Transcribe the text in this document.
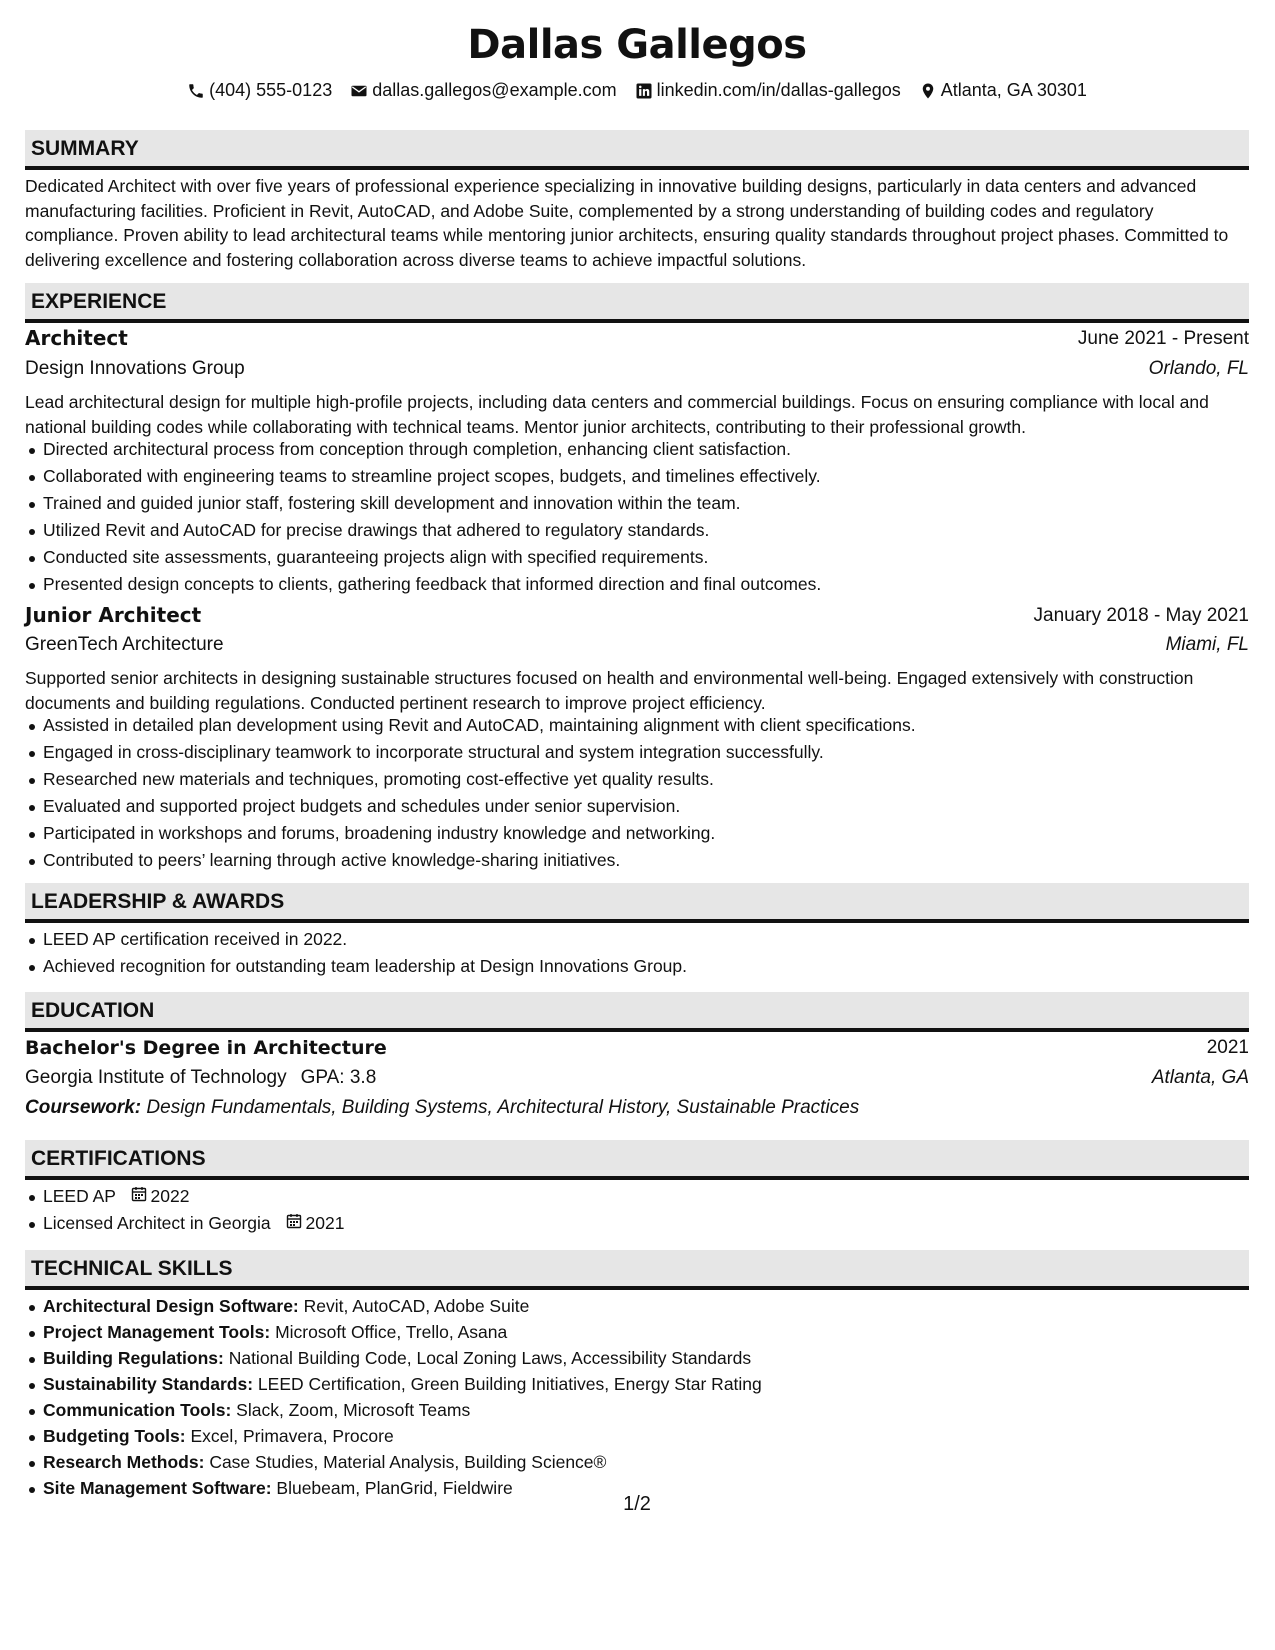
Dallas Gallegos
(404) 555-0123 dallas.gallegos@example.com linkedin.com/in/dallas-gallegos Atlanta, GA 30301
SUMMARY
Dedicated Architect with over five years of professional experience specializing in innovative building designs, particularly in data centers and advanced manufacturing facilities. Proficient in Revit, AutoCAD, and Adobe Suite, complemented by a strong understanding of building codes and regulatory compliance. Proven ability to lead architectural teams while mentoring junior architects, ensuring quality standards throughout project phases. Committed to delivering excellence and fostering collaboration across diverse teams to achieve impactful solutions.
EXPERIENCE
Architect	June 2021 - Present
Design Innovations Group	Orlando, FL
Lead architectural design for multiple high-profile projects, including data centers and commercial buildings. Focus on ensuring compliance with local and national building codes while collaborating with technical teams. Mentor junior architects, contributing to their professional growth.
Directed architectural process from conception through completion, enhancing client satisfaction.
Collaborated with engineering teams to streamline project scopes, budgets, and timelines effectively.
Trained and guided junior staff, fostering skill development and innovation within the team.
Utilized Revit and AutoCAD for precise drawings that adhered to regulatory standards.
Conducted site assessments, guaranteeing projects align with specified requirements.
Presented design concepts to clients, gathering feedback that informed direction and final outcomes.
Junior Architect	January 2018 - May 2021
GreenTech Architecture	Miami, FL
Supported senior architects in designing sustainable structures focused on health and environmental well-being. Engaged extensively with construction documents and building regulations. Conducted pertinent research to improve project efficiency.
Assisted in detailed plan development using Revit and AutoCAD, maintaining alignment with client specifications.
Engaged in cross-disciplinary teamwork to incorporate structural and system integration successfully.
Researched new materials and techniques, promoting cost-effective yet quality results.
Evaluated and supported project budgets and schedules under senior supervision.
Participated in workshops and forums, broadening industry knowledge and networking.
Contributed to peers’ learning through active knowledge-sharing initiatives.
LEADERSHIP & AWARDS
LEED AP certification received in 2022.
Achieved recognition for outstanding team leadership at Design Innovations Group.
EDUCATION
Bachelor's Degree in Architecture	2021
Georgia Institute of Technology GPA: 3.8	Atlanta, GA
Coursework: Design Fundamentals, Building Systems, Architectural History, Sustainable Practices
CERTIFICATIONS
LEED AP 2022
Licensed Architect in Georgia 2021
TECHNICAL SKILLS
Architectural Design Software: Revit, AutoCAD, Adobe Suite
Project Management Tools: Microsoft Office, Trello, Asana
Building Regulations: National Building Code, Local Zoning Laws, Accessibility Standards
Sustainability Standards: LEED Certification, Green Building Initiatives, Energy Star Rating
Communication Tools: Slack, Zoom, Microsoft Teams
Budgeting Tools: Excel, Primavera, Procore
Research Methods: Case Studies, Material Analysis, Building Science®
Site Management Software: Bluebeam, PlanGrid, Fieldwire
1/2
